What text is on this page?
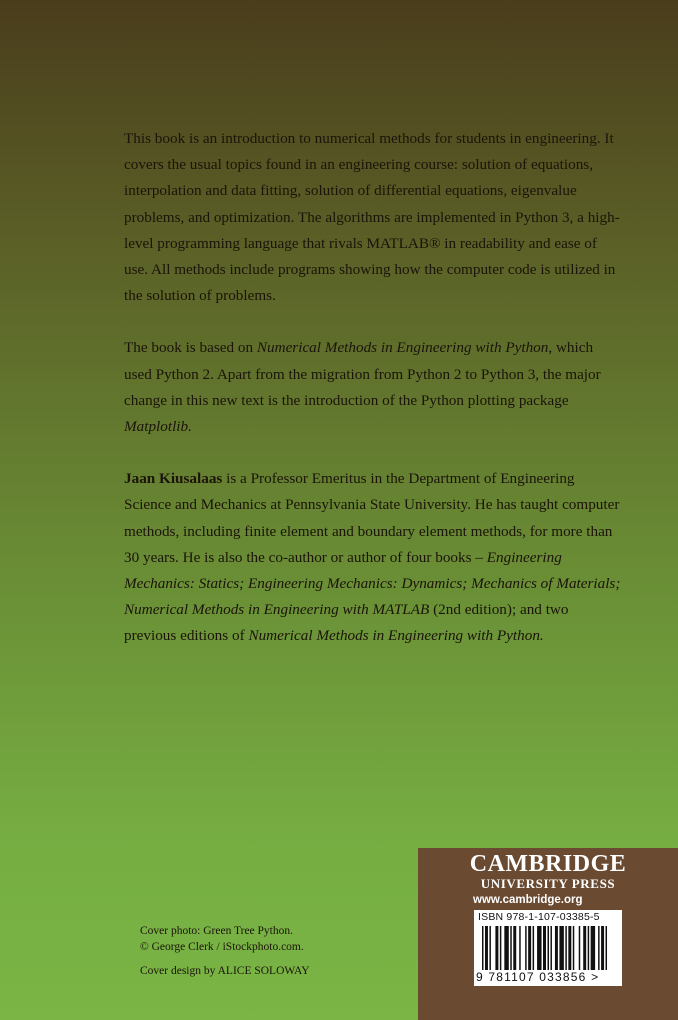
This book is an introduction to numerical methods for students in engineering. It covers the usual topics found in an engineering course: solution of equations, interpolation and data fitting, solution of differential equations, eigenvalue problems, and optimization. The algorithms are implemented in Python 3, a high-level programming language that rivals MATLAB® in readability and ease of use. All methods include programs showing how the computer code is utilized in the solution of problems.

The book is based on Numerical Methods in Engineering with Python, which used Python 2. Apart from the migration from Python 2 to Python 3, the major change in this new text is the introduction of the Python plotting package Matplotlib.

Jaan Kiusalaas is a Professor Emeritus in the Department of Engineering Science and Mechanics at Pennsylvania State University. He has taught computer methods, including finite element and boundary element methods, for more than 30 years. He is also the co-author or author of four books – Engineering Mechanics: Statics; Engineering Mechanics: Dynamics; Mechanics of Materials; Numerical Methods in Engineering with MATLAB (2nd edition); and two previous editions of Numerical Methods in Engineering with Python.

Cover photo: Green Tree Python.
© George Clerk / iStockphoto.com.
Cover design by ALICE SOLOWAY
CAMBRIDGE
UNIVERSITY PRESS
www.cambridge.org
ISBN 978-1-107-03385-5
9 781107 033856 >
